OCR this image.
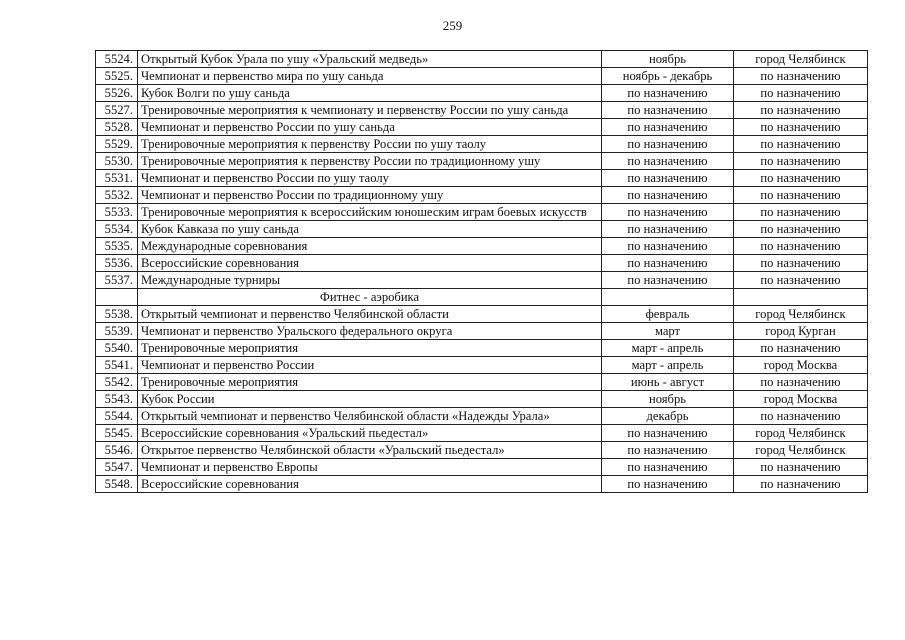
259
5524.	Открытый Кубок Урала по ушу «Уральский медведь»	ноябрь	город Челябинск
5525.	Чемпионат и первенство мира по ушу саньда	ноябрь - декабрь	по назначению
5526.	Кубок Волги по ушу саньда	по назначению	по назначению
5527.	Тренировочные мероприятия к чемпионату и первенству России по ушу саньда	по назначению	по назначению
5528.	Чемпионат и первенство России по ушу саньда	по назначению	по назначению
5529.	Тренировочные мероприятия к первенству России по ушу таолу	по назначению	по назначению
5530.	Тренировочные мероприятия к первенству России по традиционному ушу	по назначению	по назначению
5531.	Чемпионат и первенство России по ушу таолу	по назначению	по назначению
5532.	Чемпионат и первенство России по традиционному ушу	по назначению	по назначению
5533.	Тренировочные мероприятия к всероссийским юношеским играм боевых искусств	по назначению	по назначению
5534.	Кубок Кавказа по ушу саньда	по назначению	по назначению
5535.	Международные соревнования	по назначению	по назначению
5536.	Всероссийские соревнования	по назначению	по назначению
5537.	Международные турниры	по назначению	по назначению
	Фитнес - аэробика		
5538.	Открытый чемпионат и первенство Челябинской области	февраль	город Челябинск
5539.	Чемпионат и первенство Уральского федерального округа	март	город Курган
5540.	Тренировочные мероприятия	март - апрель	по назначению
5541.	Чемпионат и первенство России	март - апрель	город Москва
5542.	Тренировочные мероприятия	июнь - август	по назначению
5543.	Кубок России	ноябрь	город Москва
5544.	Открытый чемпионат и первенство Челябинской области «Надежды Урала»	декабрь	по назначению
5545.	Всероссийские соревнования «Уральский пьедестал»	по назначению	город Челябинск
5546.	Открытое первенство Челябинской области «Уральский пьедестал»	по назначению	город Челябинск
5547.	Чемпионат и первенство Европы	по назначению	по назначению
5548.	Всероссийские соревнования	по назначению	по назначению
